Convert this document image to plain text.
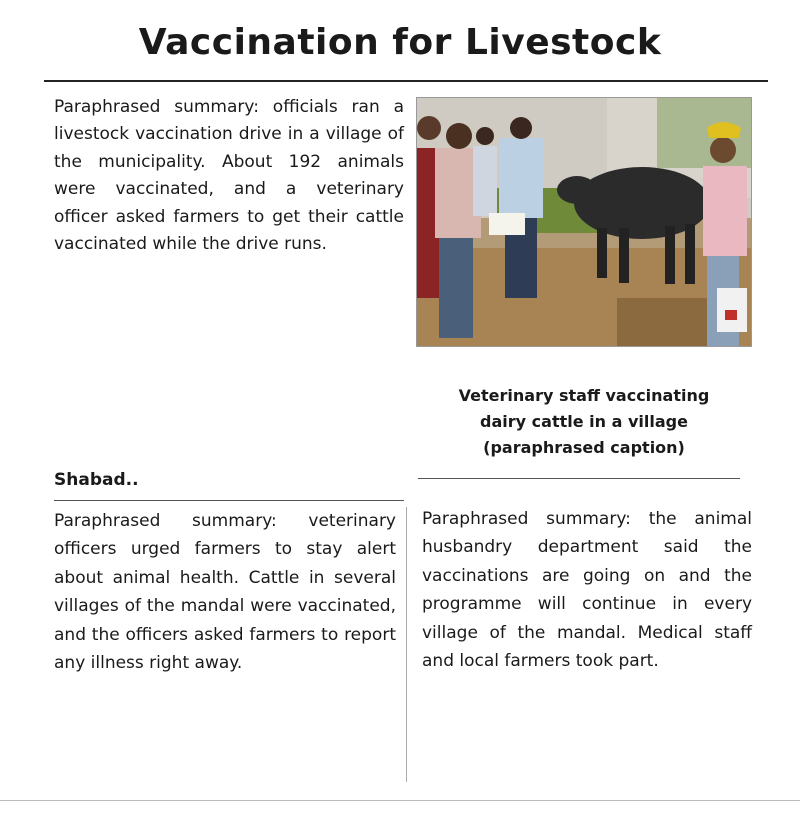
Vaccination for Livestock

Paraphrased summary: officials ran a livestock vaccination drive in a village of the municipality. About 192 animals were vaccinated, and a veterinary officer asked farmers to get their cattle vaccinated while the drive runs.

Veterinary staff vaccinating
dairy cattle in a village
(paraphrased caption)
Shabad..

Paraphrased summary: veterinary officers urged farmers to stay alert about animal health. Cattle in several villages of the mandal were vaccinated, and the officers asked farmers to report any illness right away.

Paraphrased summary: the animal husbandry department said the vaccinations are going on and the programme will continue in every village of the mandal. Medical staff and local farmers took part.
